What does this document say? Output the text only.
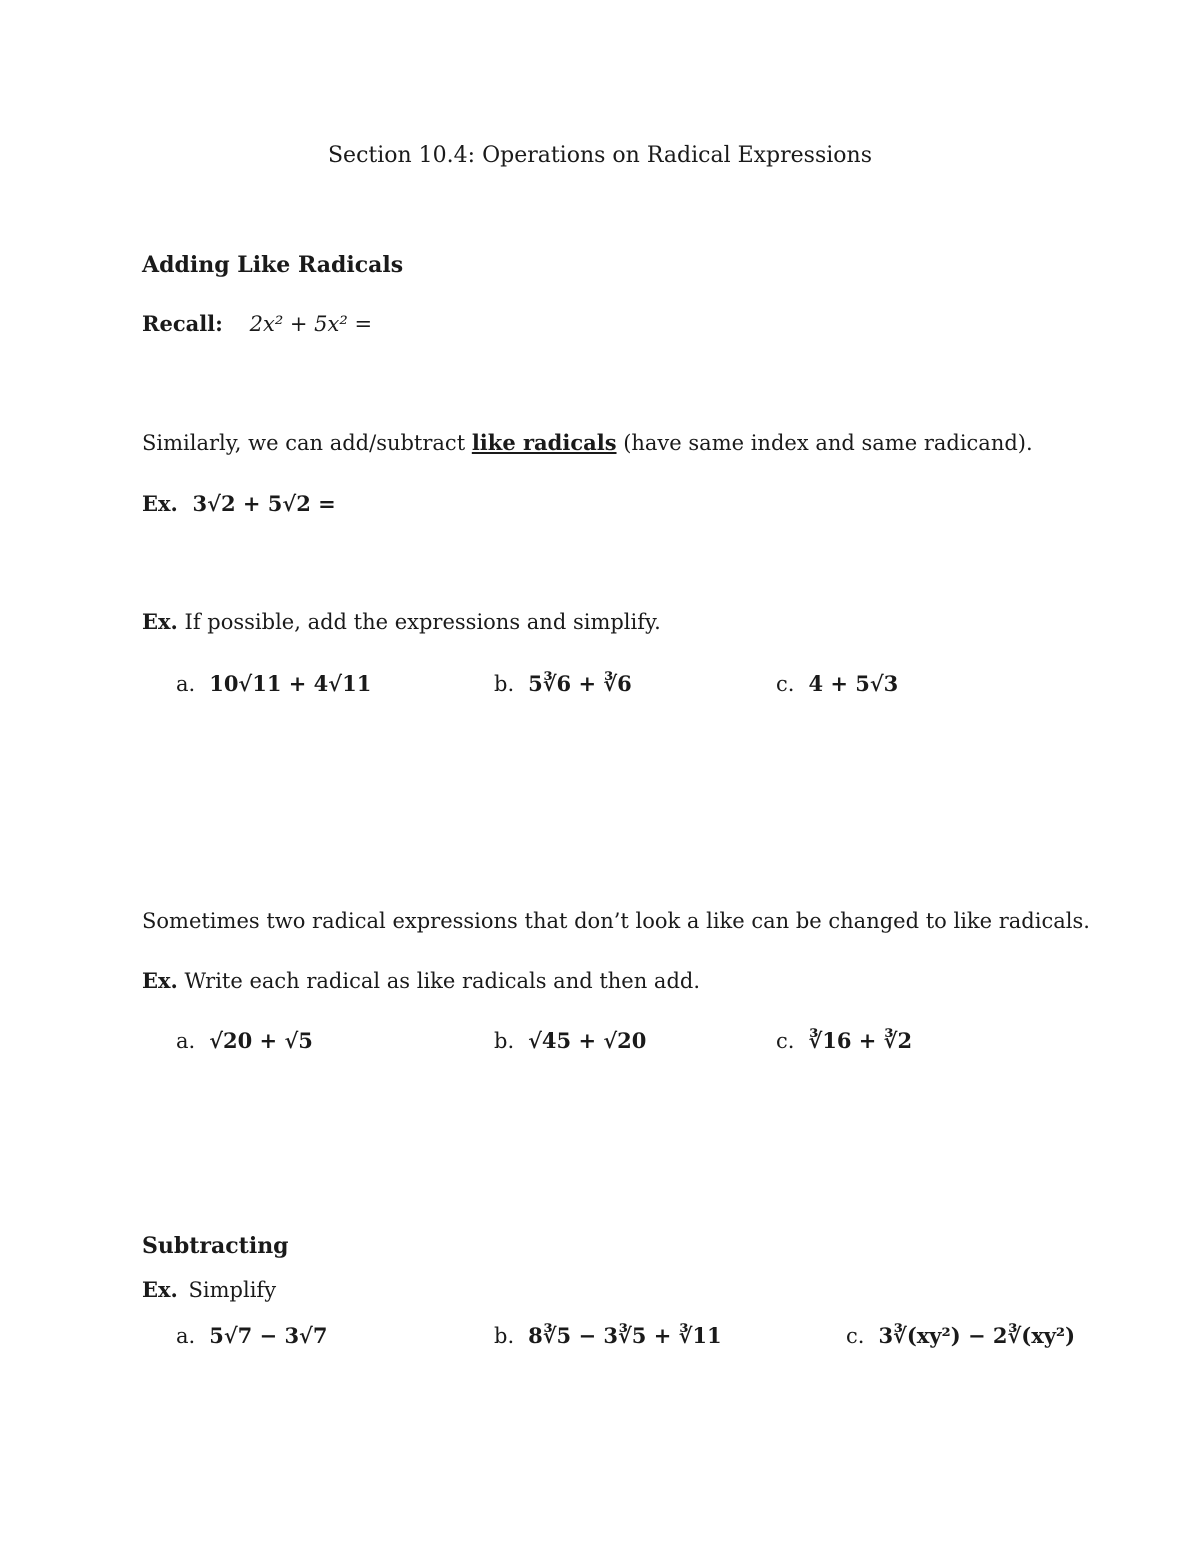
Section 10.4: Operations on Radical Expressions
Adding Like Radicals
Recall: 2x² + 5x² =
Similarly, we can add/subtract like radicals (have same index and same radicand).
Ex. 3√2 + 5√2 =
Ex. If possible, add the expressions and simplify.
a. 10√11 + 4√11	b. 5∛6 + ∛6	c. 4 + 5√3
Sometimes two radical expressions that don’t look a like can be changed to like radicals.
Ex. Write each radical as like radicals and then add.
a. √20 + √5	b. √45 + √20	c. ∛16 + ∛2
Subtracting
Ex. Simplify
a. 5√7 − 3√7	b. 8∛5 − 3∛5 + ∛11	c. 3∛(xy²) − 2∛(xy²)
